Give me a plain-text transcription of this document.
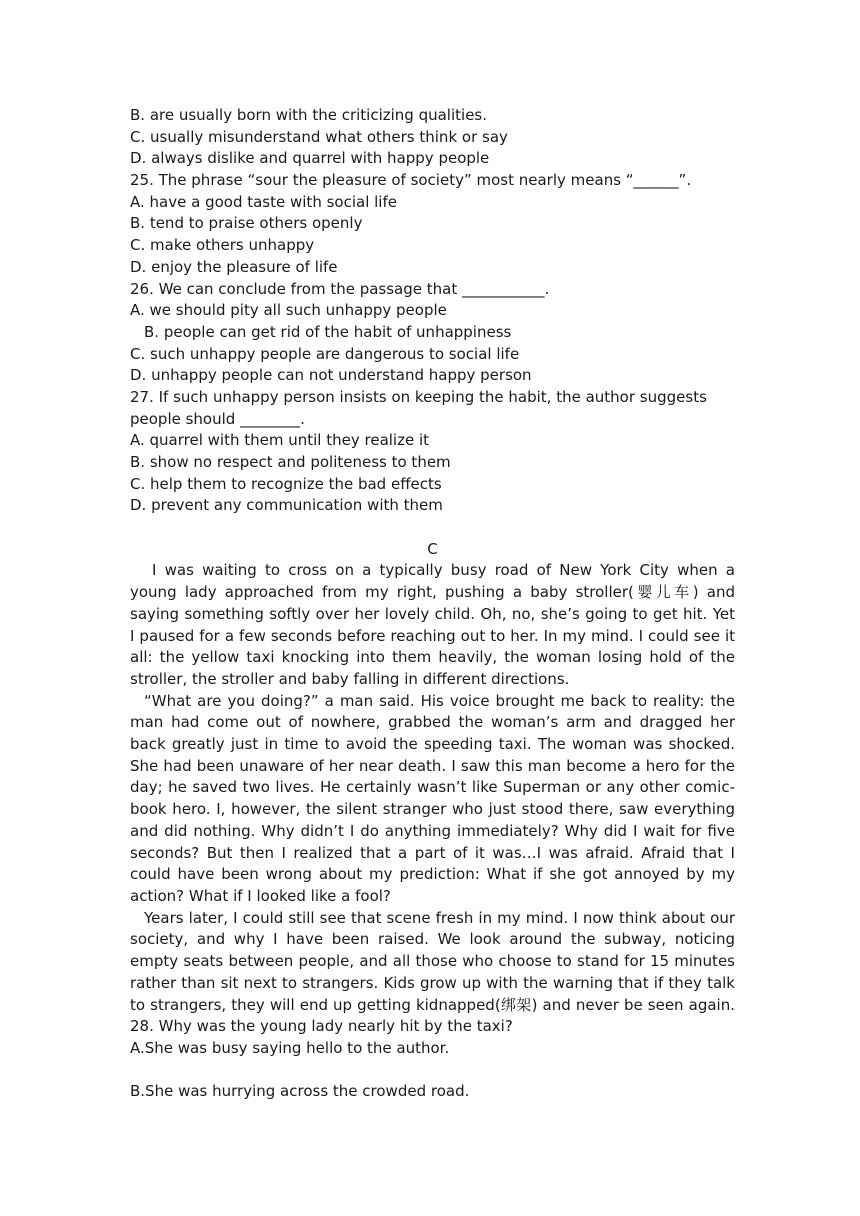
B. are usually born with the criticizing qualities.
C. usually misunderstand what others think or say
D. always dislike and quarrel with happy people
25. The phrase “sour the pleasure of society” most nearly means “______”.
A. have a good taste with social life
B. tend to praise others openly
C. make others unhappy
D. enjoy the pleasure of life
26. We can conclude from the passage that ___________.
A. we should pity all such unhappy people
B. people can get rid of the habit of unhappiness
C. such unhappy people are dangerous to social life
D. unhappy people can not understand happy person
27. If such unhappy person insists on keeping the habit, the author suggests
people should ________.
A. quarrel with them until they realize it
B. show no respect and politeness to them
C. help them to recognize the bad effects
D. prevent any communication with them
C

I was waiting to cross on a typically busy road of New York City when a young lady approached from my right, pushing a baby stroller(婴儿车) and saying something softly over her lovely child. Oh, no, she’s going to get hit. Yet I paused for a few seconds before reaching out to her. In my mind. I could see it all: the yellow taxi knocking into them heavily, the woman losing hold of the stroller, the stroller and baby falling in different directions.

“What are you doing?” a man said. His voice brought me back to reality: the man had come out of nowhere, grabbed the woman’s arm and dragged her back greatly just in time to avoid the speeding taxi. The woman was shocked. She had been unaware of her near death. I saw this man become a hero for the day; he saved two lives. He certainly wasn’t like Superman or any other comic-book hero. I, however, the silent stranger who just stood there, saw everything and did nothing. Why didn’t I do anything immediately? Why did I wait for five seconds? But then I realized that a part of it was…I was afraid. Afraid that I could have been wrong about my prediction: What if she got annoyed by my action? What if I looked like a fool?

Years later, I could still see that scene fresh in my mind. I now think about our society, and why I have been raised. We look around the subway, noticing empty seats between people, and all those who choose to stand for 15 minutes rather than sit next to strangers. Kids grow up with the warning that if they talk to strangers, they will end up getting kidnapped(绑架) and never be seen again. 28. Why was the young lady nearly hit by the taxi?

A.She was busy saying hello to the author.
B.She was hurrying across the crowded road.
